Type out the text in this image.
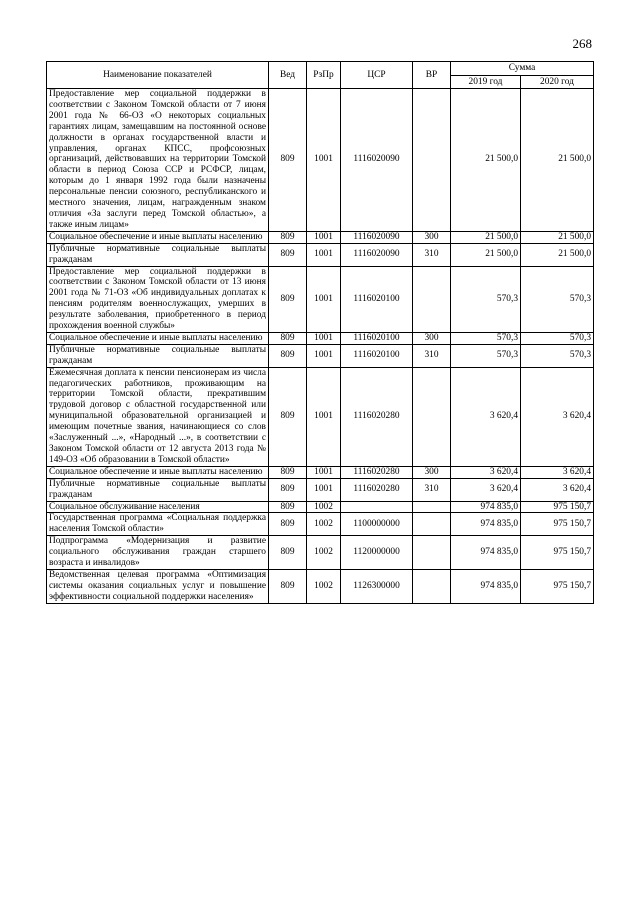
268
Наименование показателей	Вед	РзПр	ЦСР	ВР	Сумма	
					2019 год	2020 год
Предоставление мер социальной поддержки в соответствии с Законом Томской области от 7 июня 2001 года № 66-ОЗ «О некоторых социальных гарантиях лицам, замещавшим на постоянной основе должности в органах государственной власти и управления, органах КПСС, профсоюзных организаций, действовавших на территории Томской области в период Союза ССР и РСФСР, лицам, которым до 1 января 1992 года были назначены персональные пенсии союзного, республиканского и местного значения, лицам, награжденным знаком отличия «За заслуги перед Томской областью», а также иным лицам»	809	1001	1116020090		21 500,0	21 500,0
Социальное обеспечение и иные выплаты населению	809	1001	1116020090	300	21 500,0	21 500,0
Публичные нормативные социальные выплаты гражданам	809	1001	1116020090	310	21 500,0	21 500,0
Предоставление мер социальной поддержки в соответствии с Законом Томской области от 13 июня 2001 года № 71-ОЗ «Об индивидуальных доплатах к пенсиям родителям военнослужащих, умерших в результате заболевания, приобретенного в период прохождения военной службы»	809	1001	1116020100		570,3	570,3
Социальное обеспечение и иные выплаты населению	809	1001	1116020100	300	570,3	570,3
Публичные нормативные социальные выплаты гражданам	809	1001	1116020100	310	570,3	570,3
Ежемесячная доплата к пенсии пенсионерам из числа педагогических работников, проживающим на территории Томской области, прекратившим трудовой договор с областной государственной или муниципальной образовательной организацией и имеющим почетные звания, начинающиеся со слов «Заслуженный ...», «Народный ...», в соответствии с Законом Томской области от 12 августа 2013 года № 149-ОЗ «Об образовании в Томской области»	809	1001	1116020280		3 620,4	3 620,4
Социальное обеспечение и иные выплаты населению	809	1001	1116020280	300	3 620,4	3 620,4
Публичные нормативные социальные выплаты гражданам	809	1001	1116020280	310	3 620,4	3 620,4
Социальное обслуживание населения	809	1002			974 835,0	975 150,7
Государственная программа «Социальная поддержка населения Томской области»	809	1002	1100000000		974 835,0	975 150,7
Подпрограмма «Модернизация и развитие социального обслуживания граждан старшего возраста и инвалидов»	809	1002	1120000000		974 835,0	975 150,7
Ведомственная целевая программа «Оптимизация системы оказания социальных услуг и повышение эффективности социальной поддержки населения»	809	1002	1126300000		974 835,0	975 150,7
